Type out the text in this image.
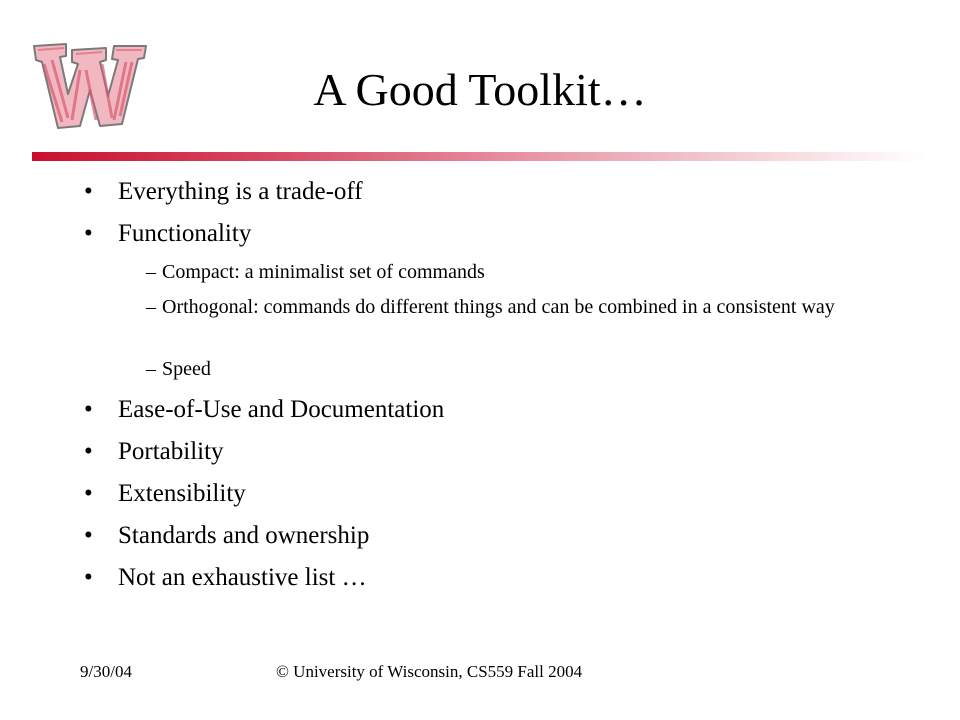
A Good Toolkit…
• Everything is a trade-off
• Functionality
– Compact: a minimalist set of commands
– Orthogonal: commands do different things and can be combined in a consistent way
– Speed
• Ease-of-Use and Documentation
• Portability
• Extensibility
• Standards and ownership
• Not an exhaustive list …
9/30/04	© University of Wisconsin, CS559 Fall 2004
